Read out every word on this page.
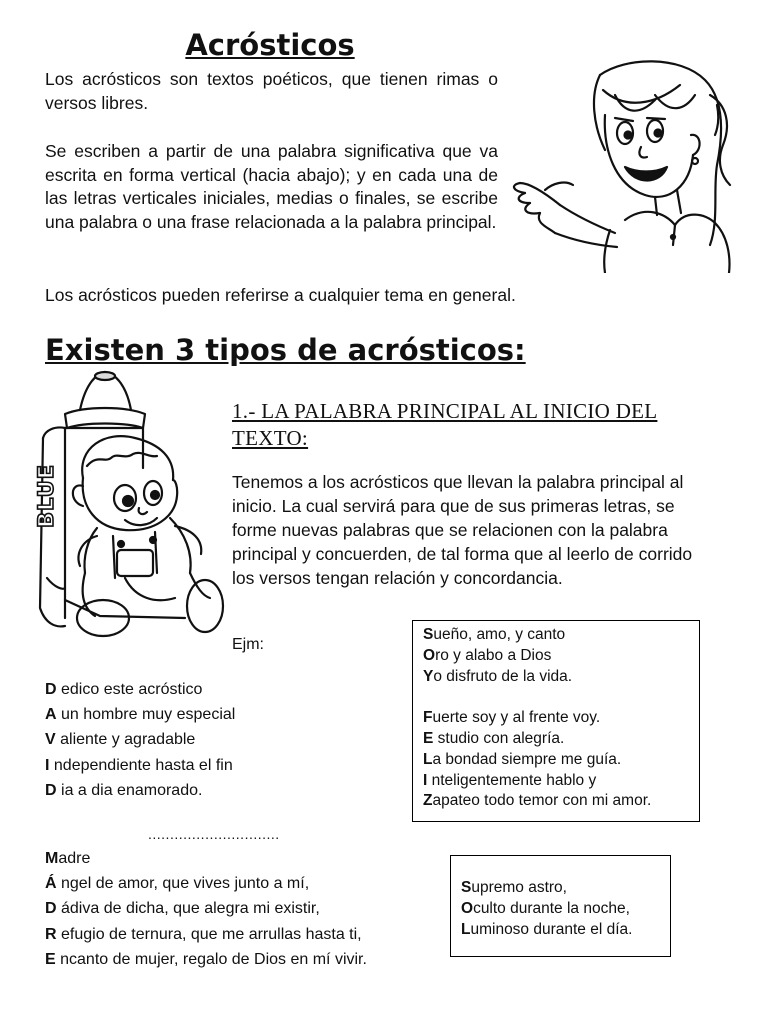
Acrósticos
Los acrósticos son textos poéticos, que tienen rimas o versos libres.
Se escriben a partir de una palabra significativa que va escrita en forma vertical (hacia abajo); y en cada una de las letras verticales iniciales, medias o finales, se escribe una palabra o una frase relacionada a la palabra principal.
Los acrósticos pueden referirse a cualquier tema en general.
Existen 3 tipos de acrósticos:
BLUE
1.- LA PALABRA PRINCIPAL AL INICIO DEL TEXTO:
Tenemos a los acrósticos que llevan la palabra principal al inicio. La cual servirá para que de sus primeras letras, se forme nuevas palabras que se relacionen con la palabra principal y concuerden, de tal forma que al leerlo de corrido los versos tengan relación y concordancia.
Ejm:
D edico este acróstico
A un hombre muy especial
V aliente y agradable
I ndependiente hasta el fin
D ia a dia enamorado.
Sueño, amo, y canto
Oro y alabo a Dios
Yo disfruto de la vida.
Fuerte soy y al frente voy.
E studio con alegría.
La bondad siempre me guía.
I nteligentemente hablo y
Zapateo todo temor con mi amor.
..............................
Madre
Á ngel de amor, que vives junto a mí,
D ádiva de dicha, que alegra mi existir,
R efugio de ternura, que me arrullas hasta ti,
E ncanto de mujer, regalo de Dios en mí vivir.
Supremo astro,
Oculto durante la noche,
Luminoso durante el día.
